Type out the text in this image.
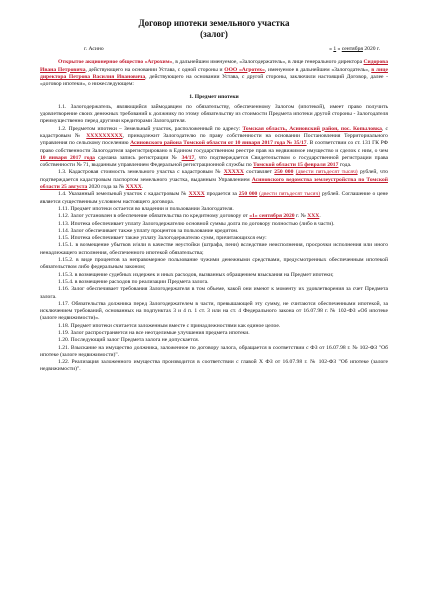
Договор ипотеки земельного участка
(залог)
г. Асино	« 1 » сентября 2020 г.

Открытое акционерное общество «Агрохим», в дальнейшем именуемое, «Залогодержатель», в лице генерального директора Сидорова Ивана Петровича, действующего на основании Устава, с одной стороны и ООО «Агротех», именуемое в дальнейшем «Залогодатель», в лице директора Петрова Василия Ивановича, действующего на основании Устава, с другой стороны, заключили настоящий Договор, далее - «договор ипотеки», о нижеследующем:

1. Предмет ипотеки

1.1. Залогодержатель, являющийся займодавцем по обязательству, обеспеченному Залогом (ипотекой), имеет право получить удовлетворение своих денежных требований к должнику по этому обязательству из стоимости Предмета ипотеки другой стороны - Залогодателя преимущественно перед другими кредиторами Залогодателя.

1.2. Предметом ипотеки – Земельный участок, расположенный по адресу: Томская область, Асиновский район, пос. Копыловка, с кадастровым № XXXXXXXXX, принадлежит Залогодателю по праву собственности на основании Постановления Территориального управления по сельскому поселению Асиновского района Томской области от 10 января 2017 года № 35/17. В соответствии со ст. 131 ГК РФ право собственности Залогодателя зарегистрировано в Едином государственном реестре прав на недвижимое имущество и сделок с ним, о чем 10 января 2017 года сделана запись регистрации № 34/17, что подтверждается Свидетельством о государственной регистрации права собственности № 71, выданным управлением Федеральной регистрационной службы по Томской области 15 февраля 2017 года.

1.3. Кадастровая стоимость земельного участка с кадастровым № XXXXX составляет 250 000 (двести пятьдесят тысяч) рублей, что подтверждается кадастровым паспортом земельного участка, выданным Управлением Асиновского ведомства землеустройства по Томской области 25 августа 2020 года за № XXXX.

1.4. Указанный земельный участок с кадастровым № XXXX продается за 250 000 (двести пятьдесят тысяч) рублей. Соглашение о цене является существенным условием настоящего договора.

1.11. Предмет ипотеки остается во владении и пользовании Залогодателя.

1.12. Залог установлен в обеспечение обязательства по кредитному договору от «1» сентября 2020 г. № XXX.

1.13. Ипотека обеспечивает уплату Залогодержателю основной суммы долга по договору полностью (либо в части).

1.14. Залог обеспечивает также уплату процентов за пользование кредитом.

1.15. Ипотека обеспечивает также уплату Залогодержателю сумм, причитающихся ему:

1.15.1. в возмещение убытков и/или в качестве неустойки (штрафа, пени) вследствие неисполнения, просрочки исполнения или иного ненадлежащего исполнения, обеспеченного ипотекой обязательства;

1.15.2. в виде процентов за неправомерное пользование чужими денежными средствами, предусмотренных обеспеченным ипотекой обязательством либо федеральным законом;

1.15.3. в возмещение судебных издержек и иных расходов, вызванных обращением взыскания на Предмет ипотеки;

1.15.4. в возмещение расходов по реализации Предмета залога.

1.16. Залог обеспечивает требования Залогодержателя в том объеме, какой они имеют к моменту их удовлетворения за счет Предмета залога.

1.17. Обязательства должника перед Залогодержателем в части, превышающей эту сумму, не считаются обеспеченными ипотекой, за исключением требований, основанных на подпунктах 3 и 4 п. 1 ст. 3 или на ст. 4 Федерального закона от 16.07.98 г. № 102-ФЗ «Об ипотеке (залоге недвижимости)».

1.18. Предмет ипотеки считается заложенным вместе с принадлежностями как единое целое.

1.19. Залог распространяется на все неотделимые улучшения предмета ипотеки.

1.20. Последующий залог Предмета залога не допускается.

1.21. Взыскание на имущество должника, заложенное по договору залога, обращается в соответствии с ФЗ от 16.07.98 г. № 102-ФЗ "Об ипотеке (залоге недвижимости)".

1.22. Реализация заложенного имущества производится в соответствии с главой X ФЗ от 16.07.98 г. № 102-ФЗ "Об ипотеке (залоге недвижимости)".
